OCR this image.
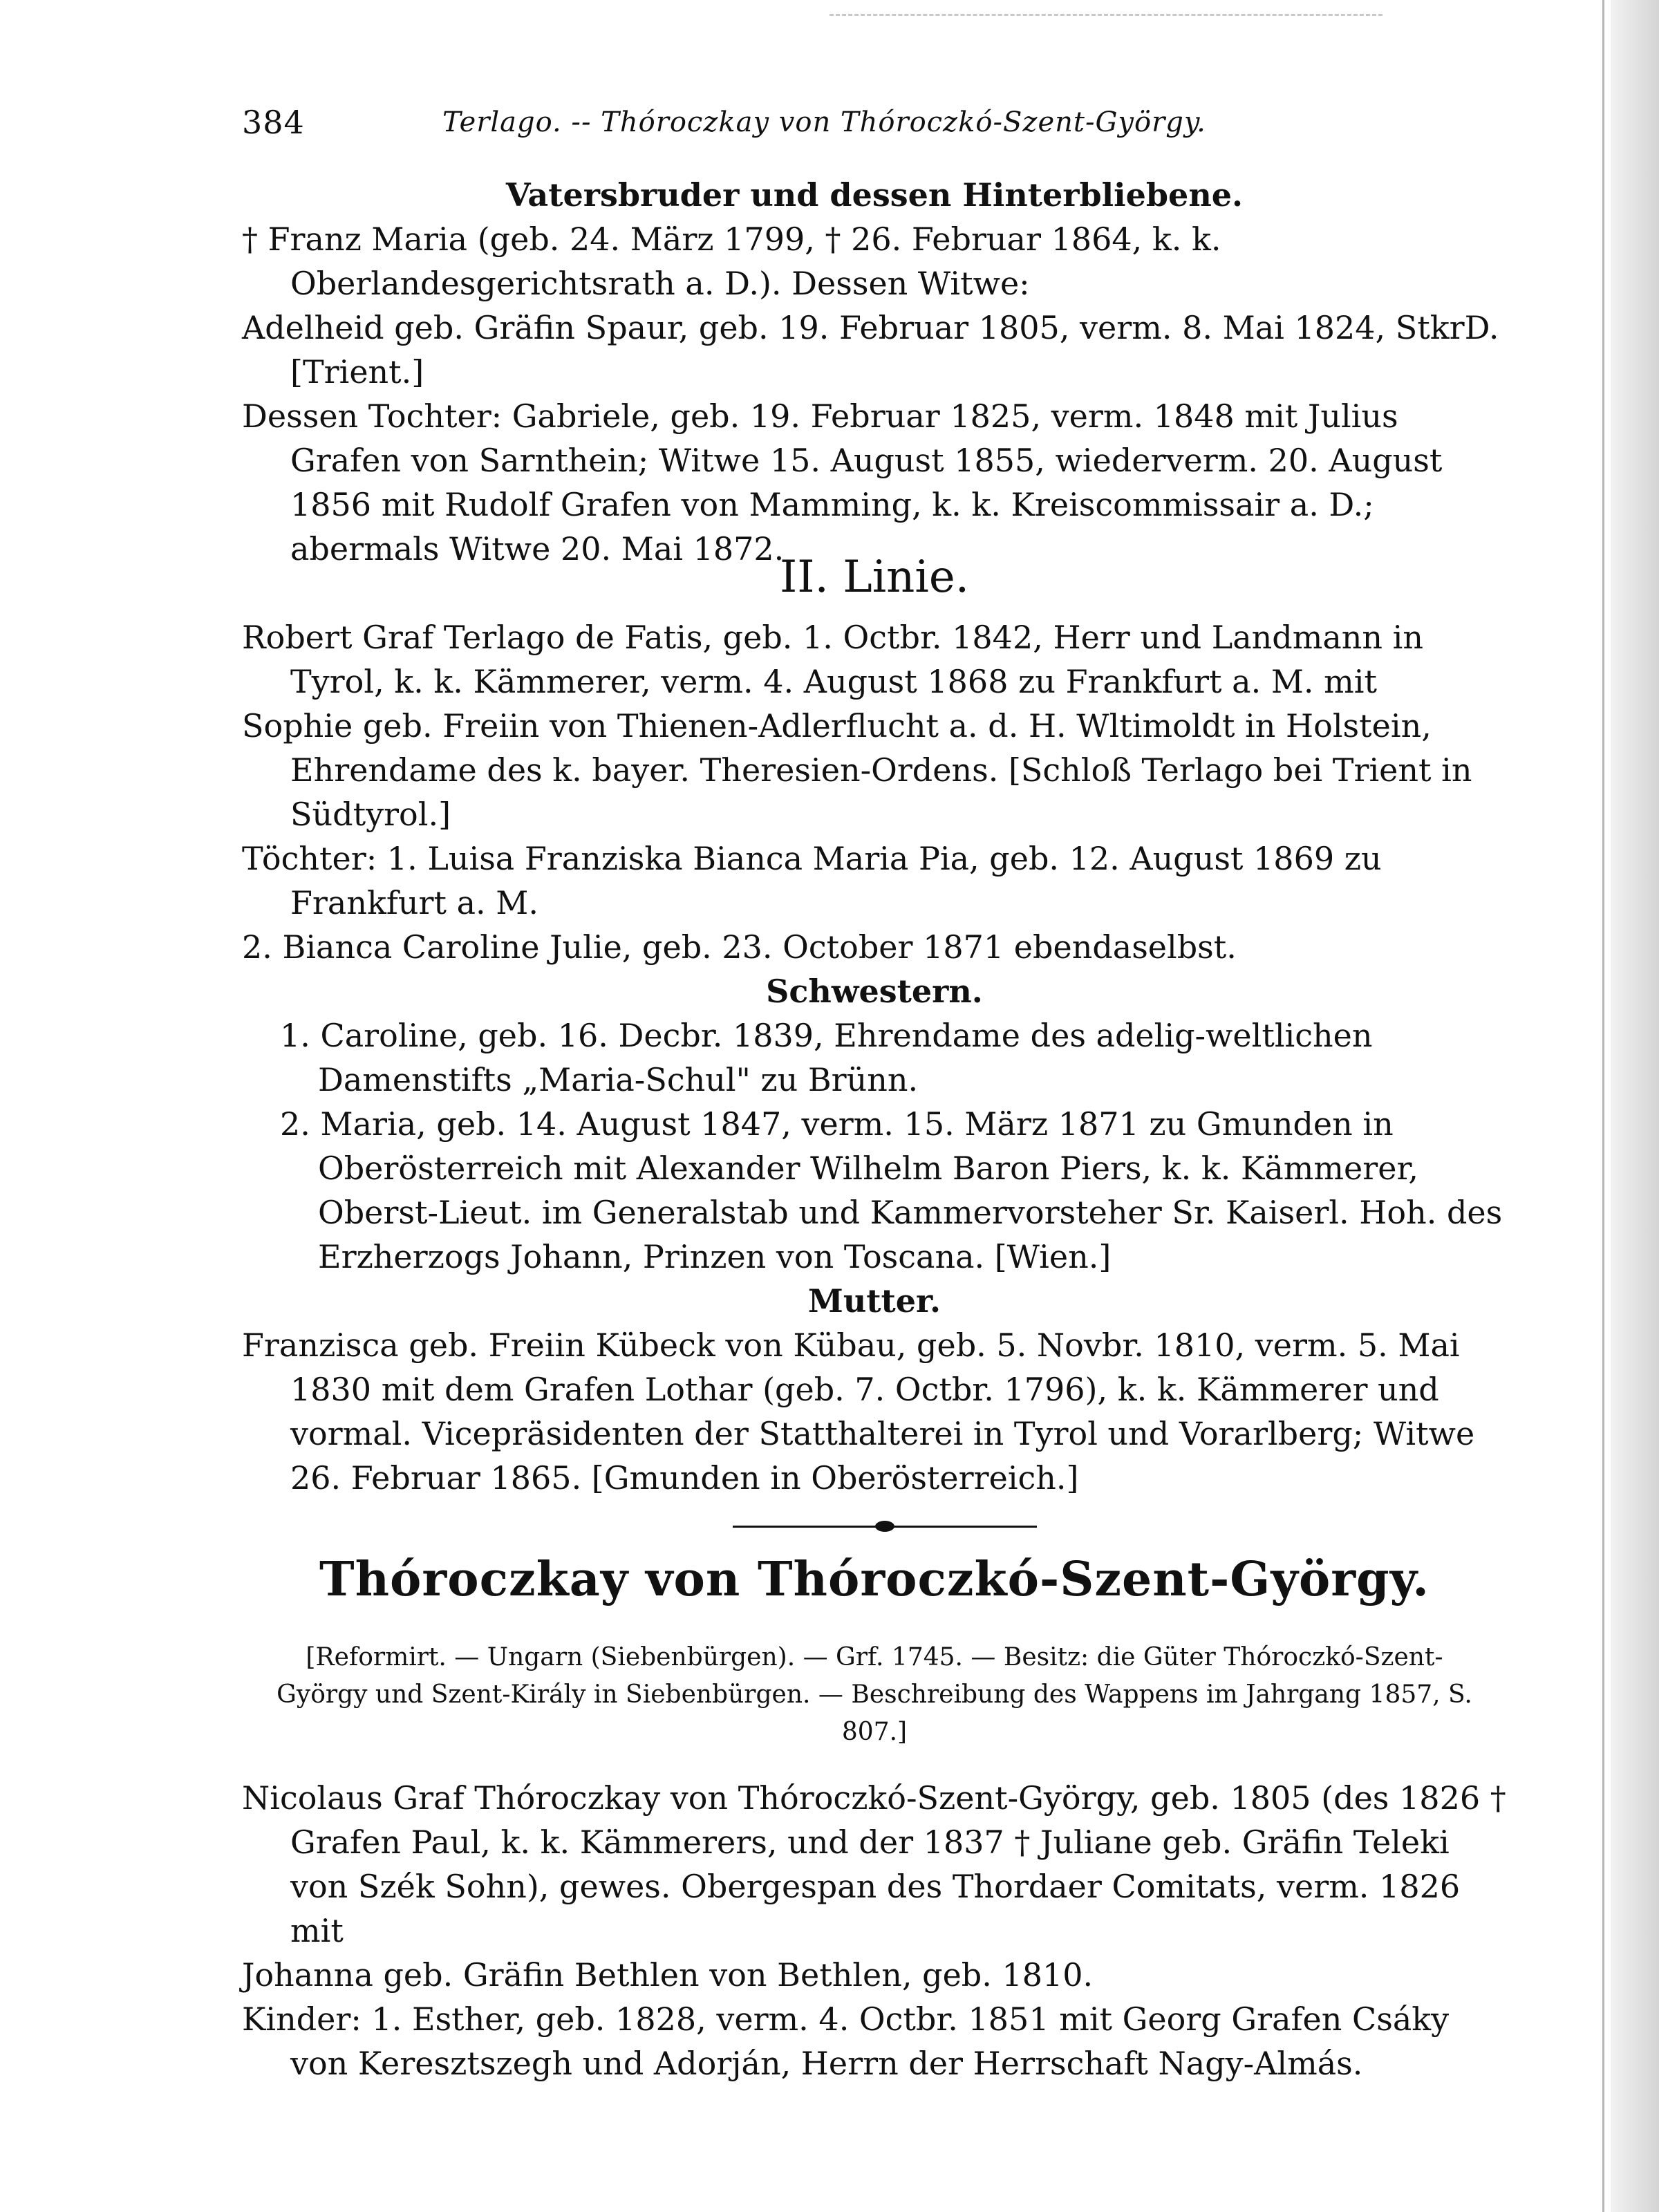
384	Terlago. -- Thóroczkay von Thóroczkó-Szent-György.

Vatersbruder und dessen Hinterbliebene.

† Franz Maria (geb. 24. März 1799, † 26. Februar 1864, k. k. Oberlandesgerichtsrath a. D.). Dessen Witwe:

Adelheid geb. Gräfin Spaur, geb. 19. Februar 1805, verm. 8. Mai 1824, StkrD. [Trient.]

Dessen Tochter: Gabriele, geb. 19. Februar 1825, verm. 1848 mit Julius Grafen von Sarnthein; Witwe 15. August 1855, wiederverm. 20. August 1856 mit Rudolf Grafen von Mamming, k. k. Kreiscommissair a. D.; abermals Witwe 20. Mai 1872.

II. Linie.

Robert Graf Terlago de Fatis, geb. 1. Octbr. 1842, Herr und Landmann in Tyrol, k. k. Kämmerer, verm. 4. August 1868 zu Frankfurt a. M. mit

Sophie geb. Freiin von Thienen-Adlerflucht a. d. H. Wltimoldt in Holstein, Ehrendame des k. bayer. Theresien-Ordens. [Schloß Terlago bei Trient in Südtyrol.]

Töchter: 1. Luisa Franziska Bianca Maria Pia, geb. 12. August 1869 zu Frankfurt a. M.

2. Bianca Caroline Julie, geb. 23. October 1871 ebendaselbst.

Schwestern.

1. Caroline, geb. 16. Decbr. 1839, Ehrendame des adelig-weltlichen Damenstifts „Maria-Schul" zu Brünn.

2. Maria, geb. 14. August 1847, verm. 15. März 1871 zu Gmunden in Oberösterreich mit Alexander Wilhelm Baron Piers, k. k. Kämmerer, Oberst-Lieut. im Generalstab und Kammervorsteher Sr. Kaiserl. Hoh. des Erzherzogs Johann, Prinzen von Toscana. [Wien.]

Mutter.

Franzisca geb. Freiin Kübeck von Kübau, geb. 5. Novbr. 1810, verm. 5. Mai 1830 mit dem Grafen Lothar (geb. 7. Octbr. 1796), k. k. Kämmerer und vormal. Vicepräsidenten der Statthalterei in Tyrol und Vorarlberg; Witwe 26. Februar 1865. [Gmunden in Oberösterreich.]

Thóroczkay von Thóroczkó-Szent-György.

[Reformirt. — Ungarn (Siebenbürgen). — Grf. 1745. — Besitz: die Güter Thóroczkó-Szent-György und Szent-Király in Siebenbürgen. — Beschreibung des Wappens im Jahrgang 1857, S. 807.]

Nicolaus Graf Thóroczkay von Thóroczkó-Szent-György, geb. 1805 (des 1826 † Grafen Paul, k. k. Kämmerers, und der 1837 † Juliane geb. Gräfin Teleki von Szék Sohn), gewes. Obergespan des Thordaer Comitats, verm. 1826 mit

Johanna geb. Gräfin Bethlen von Bethlen, geb. 1810.

Kinder: 1. Esther, geb. 1828, verm. 4. Octbr. 1851 mit Georg Grafen Csáky von Keresztszegh und Adorján, Herrn der Herrschaft Nagy-Almás.
